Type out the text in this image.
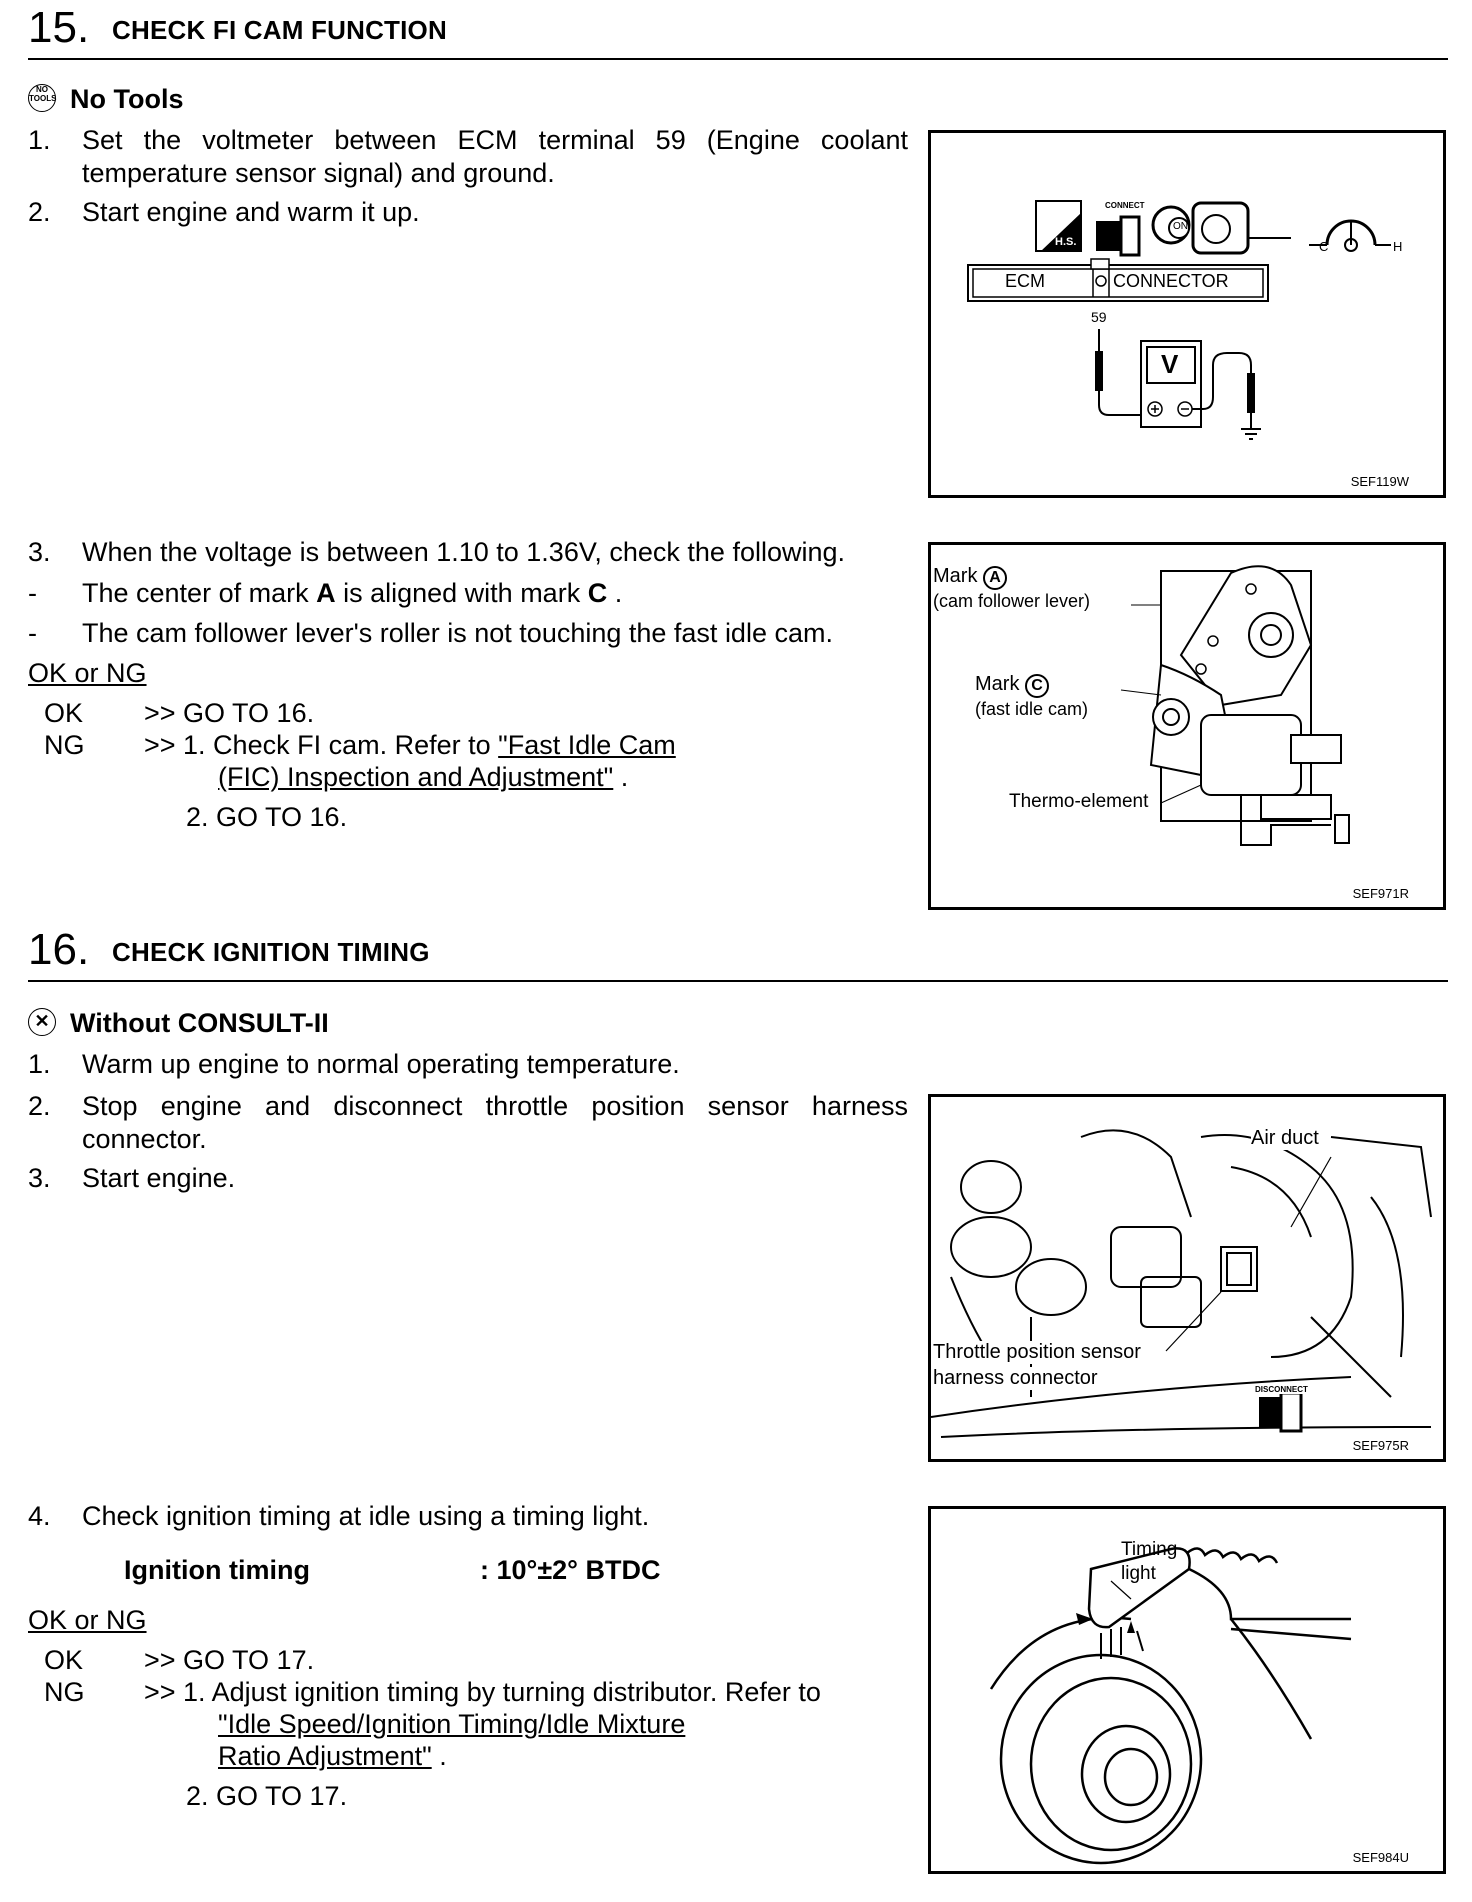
15. CHECK FI CAM FUNCTION
NO
TOOLS No Tools
1. Set the voltmeter between ECM terminal 59 (Engine coolant temperature sensor signal) and ground.
2. Start engine and warm it up.	CONNECT
H.S.
ON
C	H
ECM	CONNECTOR
59
V
SEF119W
3. When the voltage is between 1.10 to 1.36V, check the following.
- The center of mark A is aligned with mark C .
- The cam follower lever's roller is not touching the fast idle cam.
OK or NG
OK >> GO TO 16.
NG >> 1. Check FI cam. Refer to "Fast Idle Cam
(FIC) Inspection and Adjustment" .
2. GO TO 16.
Mark A
(cam follower lever)
Mark C
(fast idle cam)
Thermo-element
SEF971R
16. CHECK IGNITION TIMING
✕ Without CONSULT-II
1. Warm up engine to normal operating temperature.
2. Stop engine and disconnect throttle position sensor harness connector.
3. Start engine.
Air duct
Throttle position sensor
harness connector
DISCONNECT
SEF975R
4. Check ignition timing at idle using a timing light.
Ignition timing	: 10°±2° BTDC
OK or NG
OK >> GO TO 17.
NG >> 1. Adjust ignition timing by turning distributor. Refer to
"Idle Speed/Ignition Timing/Idle Mixture
Ratio Adjustment" .
2. GO TO 17.
Timing
light
SEF984U
